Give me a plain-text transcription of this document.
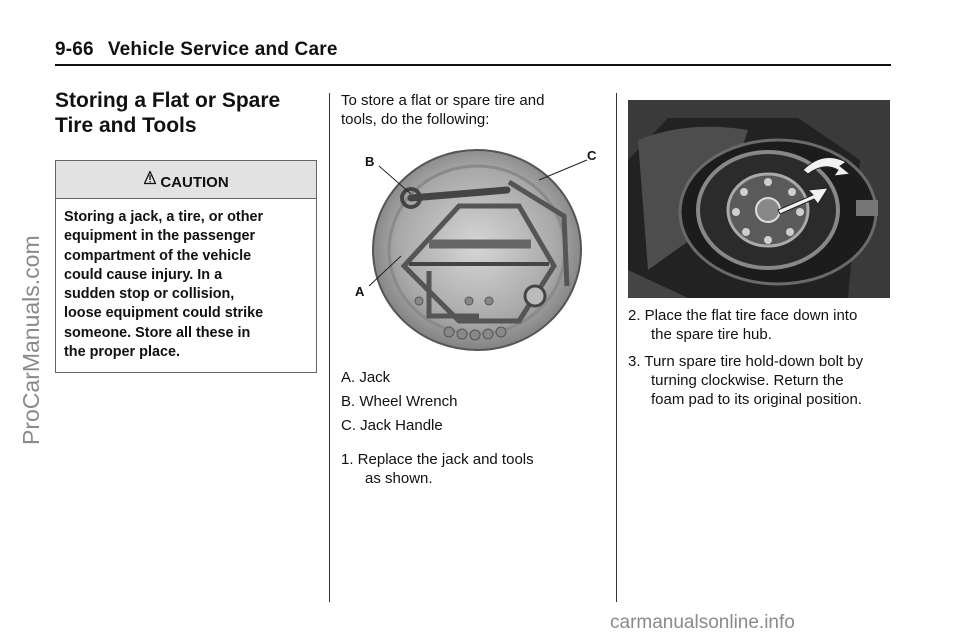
9-66 Vehicle Service and Care
ProCarManuals.com
Storing a Flat or Spare
Tire and Tools
CAUTION
Storing a jack, a tire, or other
equipment in the passenger
compartment of the vehicle
could cause injury. In a
sudden stop or collision,
loose equipment could strike
someone. Store all these in
the proper place.
To store a flat or spare tire and
tools, do the following:
B	C
A
A. Jack
B. Wheel Wrench
C. Jack Handle
1. Replace the jack and tools
as shown.
2. Place the flat tire face down into
the spare tire hub.
3. Turn spare tire hold-down bolt by
turning clockwise. Return the
foam pad to its original position.
carmanualsonline.info
